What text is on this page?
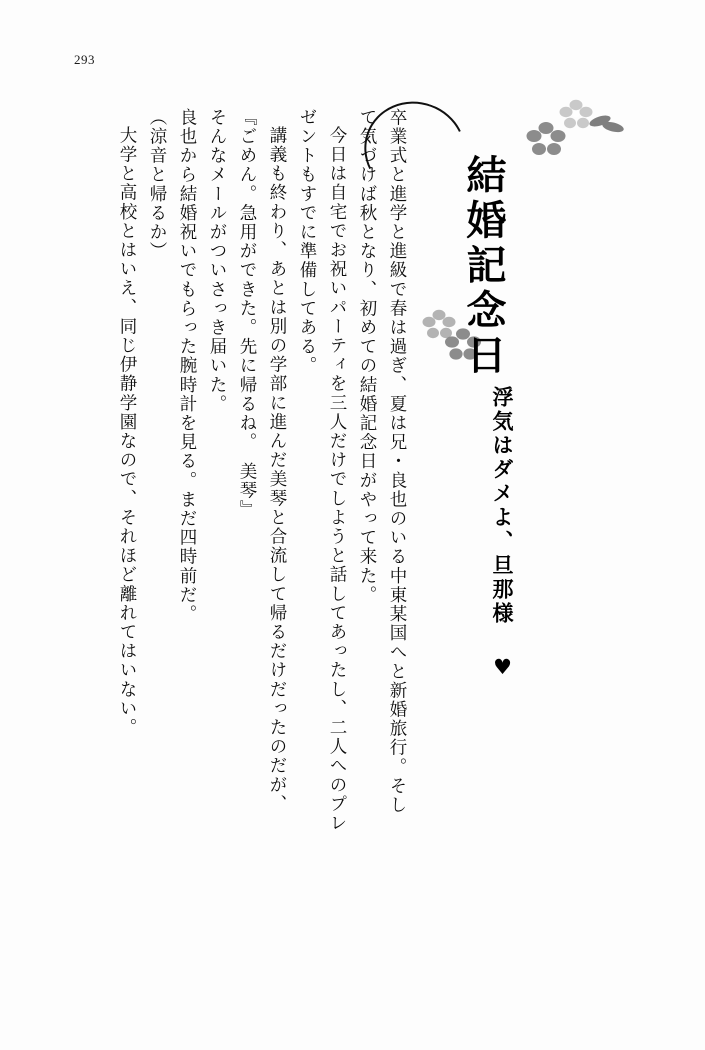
293
結婚記念日
浮気はダメよ、旦那様 ♥
卒業式と進学と進級で春は過ぎ、夏は兄・良也のいる中東某国へと新婚旅行。そし
て気づけば秋となり、初めての結婚記念日がやって来た。
今日は自宅でお祝いパーティを三人だけでしようと話してあったし、二人へのプレ
ゼントもすでに準備してある。
講義も終わり、あとは別の学部に進んだ美琴と合流して帰るだけだったのだが、
『ごめん。急用ができた。先に帰るね。　美琴』
そんなメールがついさっき届いた。
良也から結婚祝いでもらった腕時計を見る。まだ四時前だ。
（涼音と帰るか）
大学と高校とはいえ、同じ伊静学園なので、それほど離れてはいない。
